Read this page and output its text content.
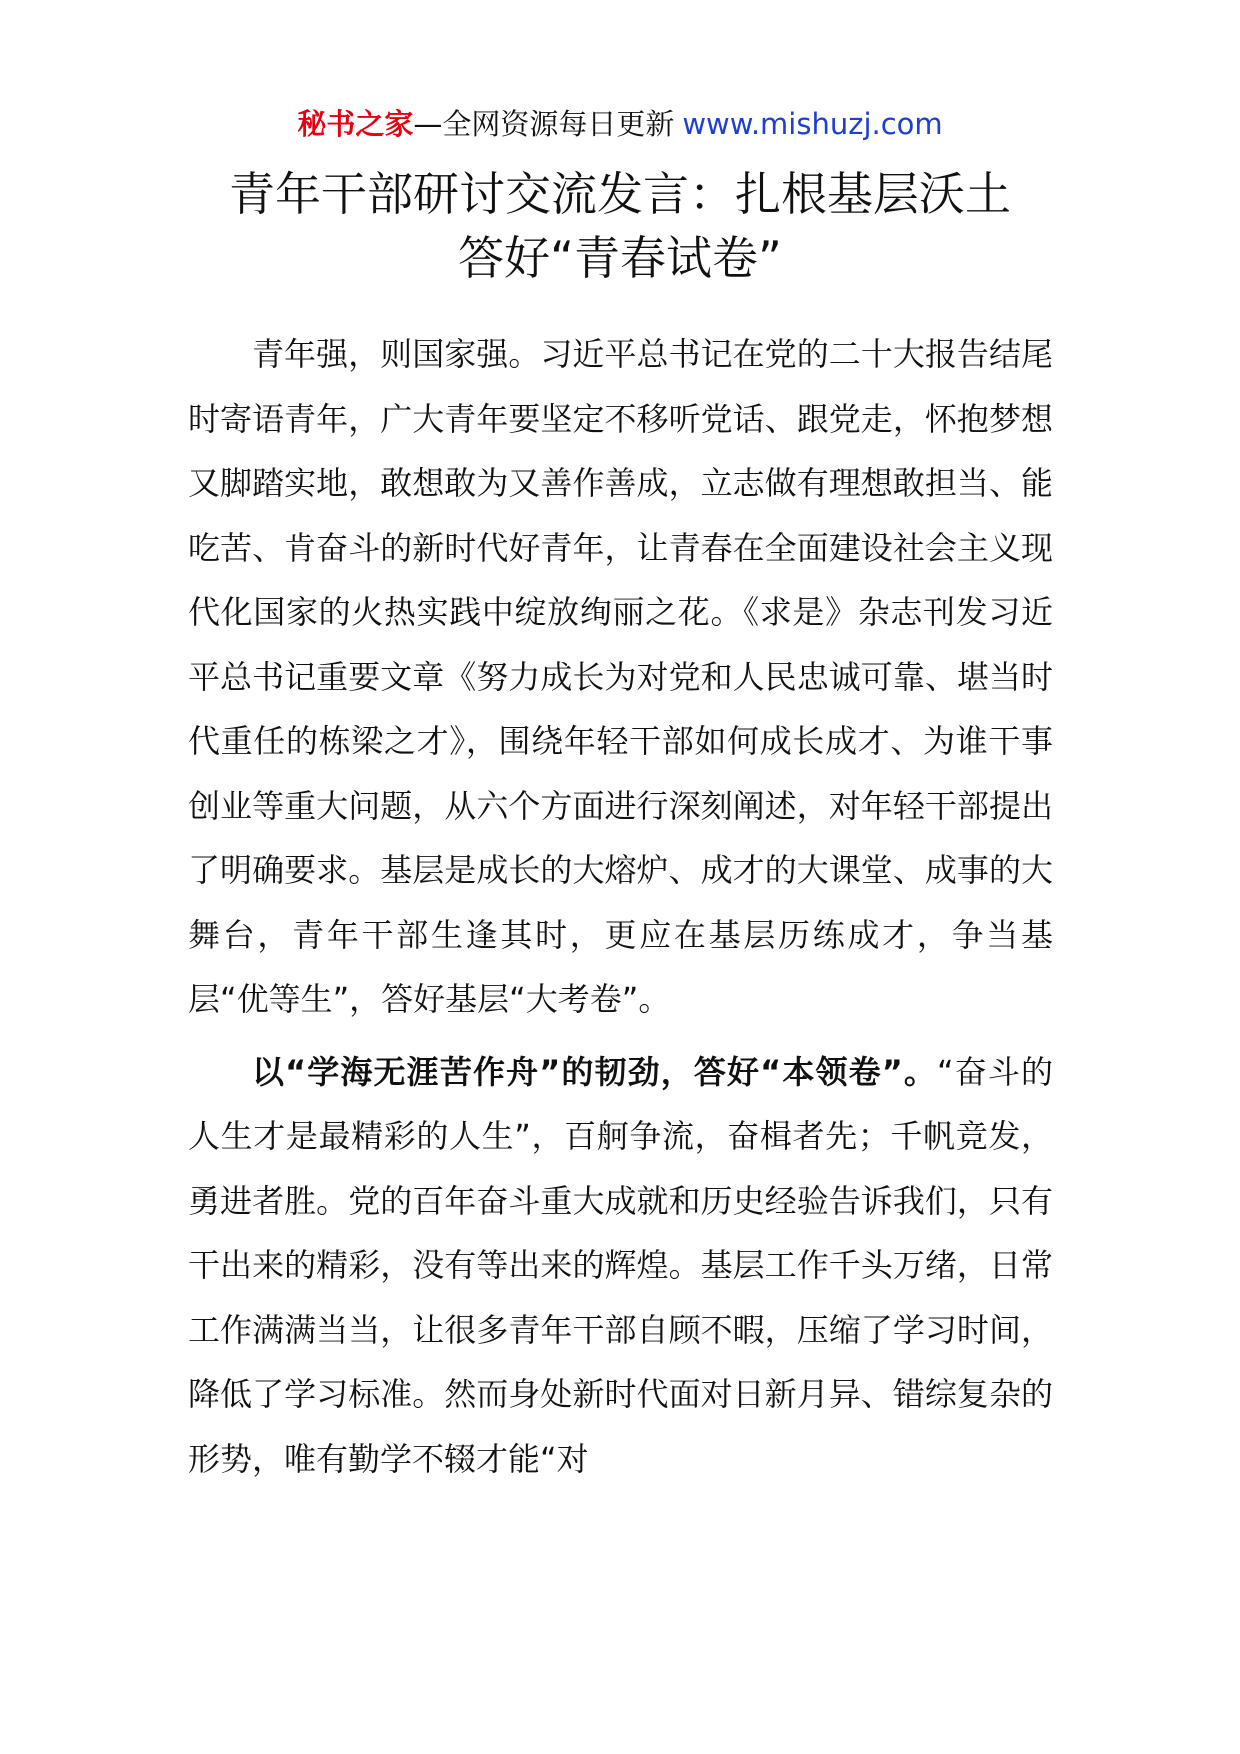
秘书之家—全网资源每日更新 www.mishuzj.com
青年干部研讨交流发言：扎根基层沃土
答好“青春试卷”

青年强，则国家强。习近平总书记在党的二十大报告结尾时寄语青年，广大青年要坚定不移听党话、跟党走，怀抱梦想又脚踏实地，敢想敢为又善作善成，立志做有理想敢担当、能吃苦、肯奋斗的新时代好青年，让青春在全面建设社会主义现代化国家的火热实践中绽放绚丽之花。《求是》杂志刊发习近平总书记重要文章《努力成长为对党和人民忠诚可靠、堪当时代重任的栋梁之才》，围绕年轻干部如何成长成才、为谁干事创业等重大问题，从六个方面进行深刻阐述，对年轻干部提出了明确要求。基层是成长的大熔炉、成才的大课堂、成事的大舞台，青年干部生逢其时，更应在基层历练成才，争当基层“优等生”，答好基层“大考卷”。

以“学海无涯苦作舟”的韧劲，答好“本领卷”。“奋斗的人生才是最精彩的人生”，百舸争流，奋楫者先；千帆竞发，勇进者胜。党的百年奋斗重大成就和历史经验告诉我们，只有干出来的精彩，没有等出来的辉煌。基层工作千头万绪，日常工作满满当当，让很多青年干部自顾不暇，压缩了学习时间，降低了学习标准。然而身处新时代面对日新月异、错综复杂的形势，唯有勤学不辍才能“对
